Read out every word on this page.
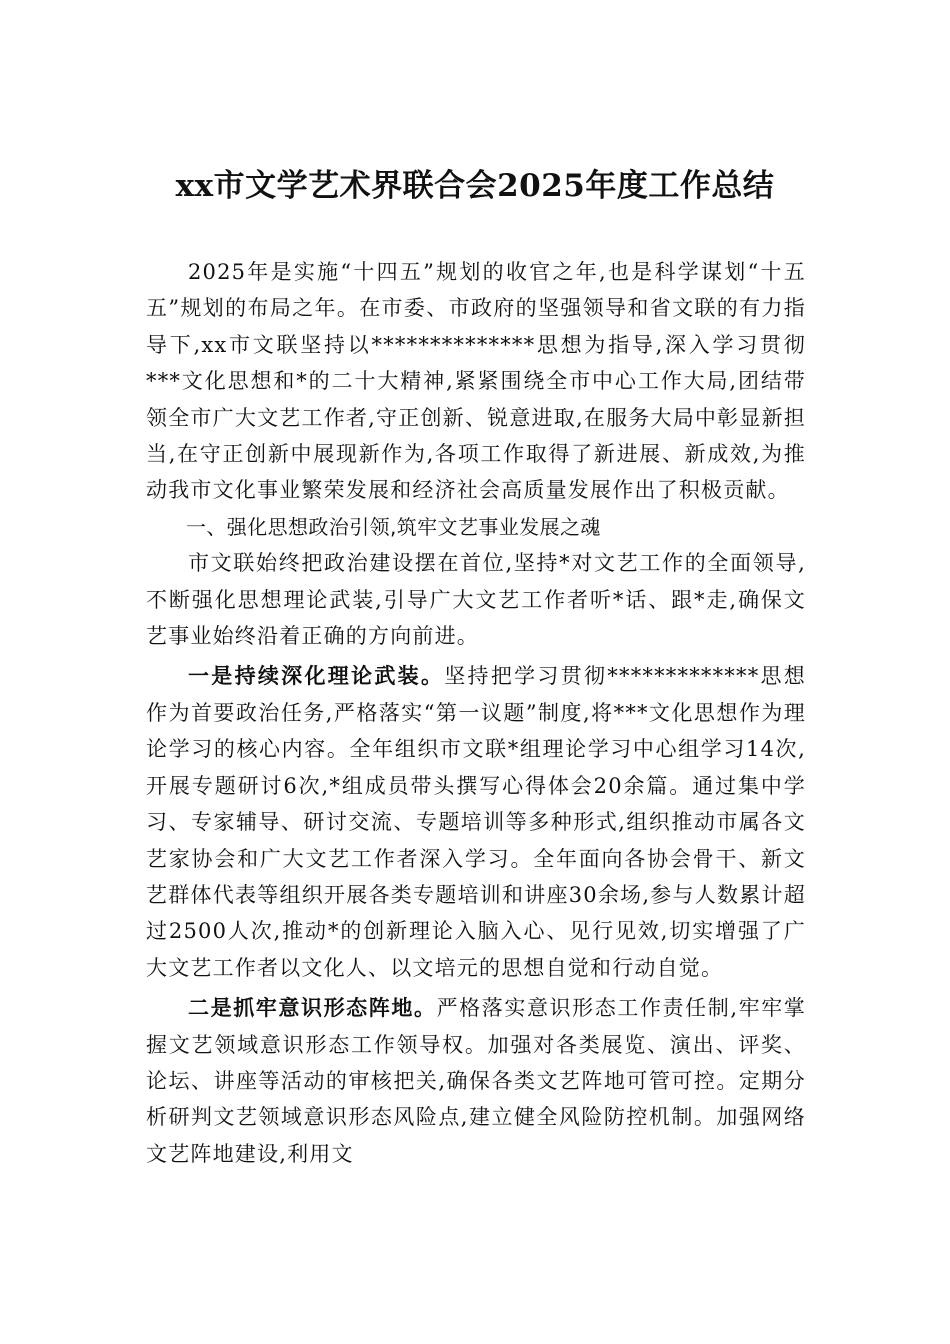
xx市文学艺术界联合会2025年度工作总结

2025年是实施“十四五”规划的收官之年,也是科学谋划“十五五”规划的布局之年。在市委、市政府的坚强领导和省文联的有力指导下,xx市文联坚持以**************思想为指导,深入学习贯彻***文化思想和*的二十大精神,紧紧围绕全市中心工作大局,团结带领全市广大文艺工作者,守正创新、锐意进取,在服务大局中彰显新担当,在守正创新中展现新作为,各项工作取得了新进展、新成效,为推动我市文化事业繁荣发展和经济社会高质量发展作出了积极贡献。

一、强化思想政治引领,筑牢文艺事业发展之魂

市文联始终把政治建设摆在首位,坚持*对文艺工作的全面领导,不断强化思想理论武装,引导广大文艺工作者听*话、跟*走,确保文艺事业始终沿着正确的方向前进。

一是持续深化理论武装。坚持把学习贯彻*************思想作为首要政治任务,严格落实“第一议题”制度,将***文化思想作为理论学习的核心内容。全年组织市文联*组理论学习中心组学习14次,开展专题研讨6次,*组成员带头撰写心得体会20余篇。通过集中学习、专家辅导、研讨交流、专题培训等多种形式,组织推动市属各文艺家协会和广大文艺工作者深入学习。全年面向各协会骨干、新文艺群体代表等组织开展各类专题培训和讲座30余场,参与人数累计超过2500人次,推动*的创新理论入脑入心、见行见效,切实增强了广大文艺工作者以文化人、以文培元的思想自觉和行动自觉。

二是抓牢意识形态阵地。严格落实意识形态工作责任制,牢牢掌握文艺领域意识形态工作领导权。加强对各类展览、演出、评奖、论坛、讲座等活动的审核把关,确保各类文艺阵地可管可控。定期分析研判文艺领域意识形态风险点,建立健全风险防控机制。加强网络文艺阵地建设,利用文
